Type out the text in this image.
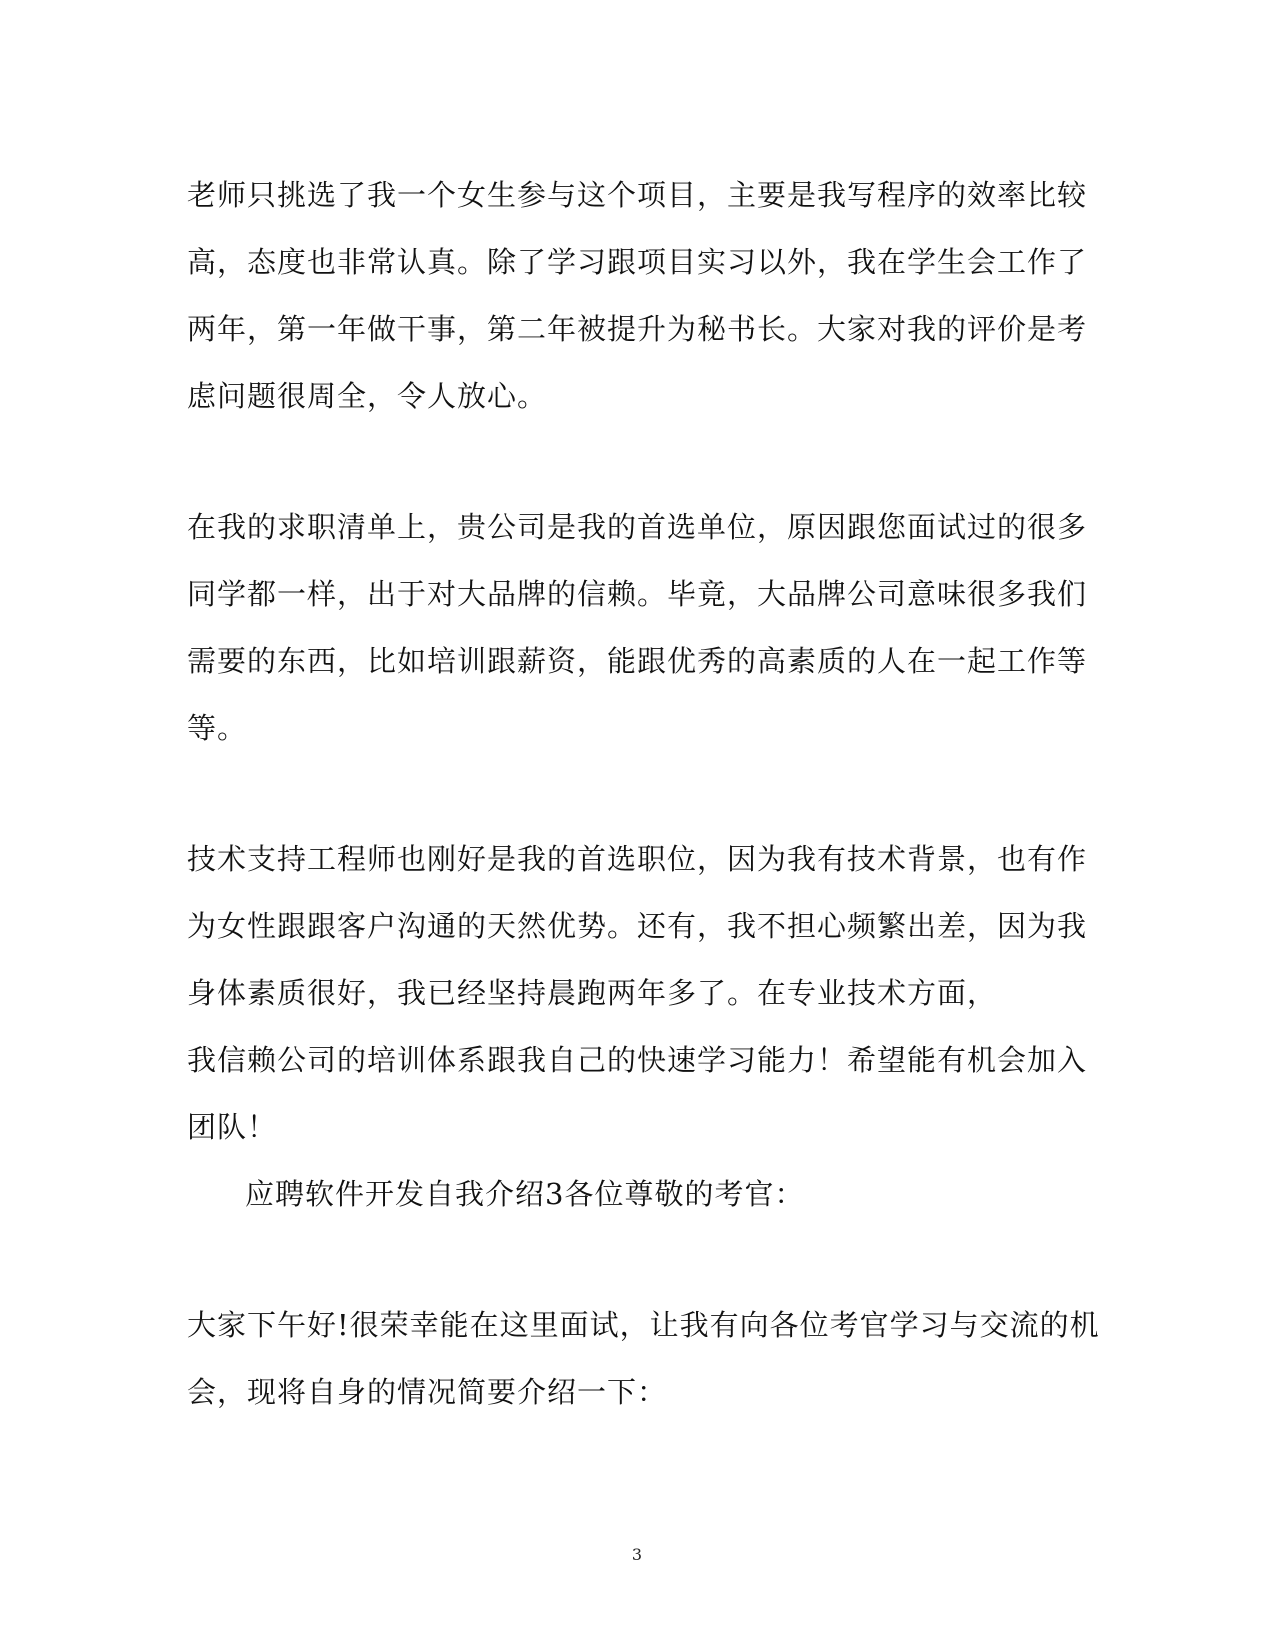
老师只挑选了我一个女生参与这个项目，主要是我写程序的效率比较
高，态度也非常认真。除了学习跟项目实习以外，我在学生会工作了
两年，第一年做干事，第二年被提升为秘书长。大家对我的评价是考
虑问题很周全，令人放心。
在我的求职清单上，贵公司是我的首选单位，原因跟您面试过的很多
同学都一样，出于对大品牌的信赖。毕竟，大品牌公司意味很多我们
需要的东西，比如培训跟薪资，能跟优秀的高素质的人在一起工作等
等。
技术支持工程师也刚好是我的首选职位，因为我有技术背景，也有作
为女性跟跟客户沟通的天然优势。还有，我不担心频繁出差，因为我
身体素质很好，我已经坚持晨跑两年多了。在专业技术方面，
我信赖公司的培训体系跟我自己的快速学习能力！希望能有机会加入
团队！
应聘软件开发自我介绍3各位尊敬的考官：
大家下午好!很荣幸能在这里面试，让我有向各位考官学习与交流的机
会，现将自身的情况简要介绍一下：
3
